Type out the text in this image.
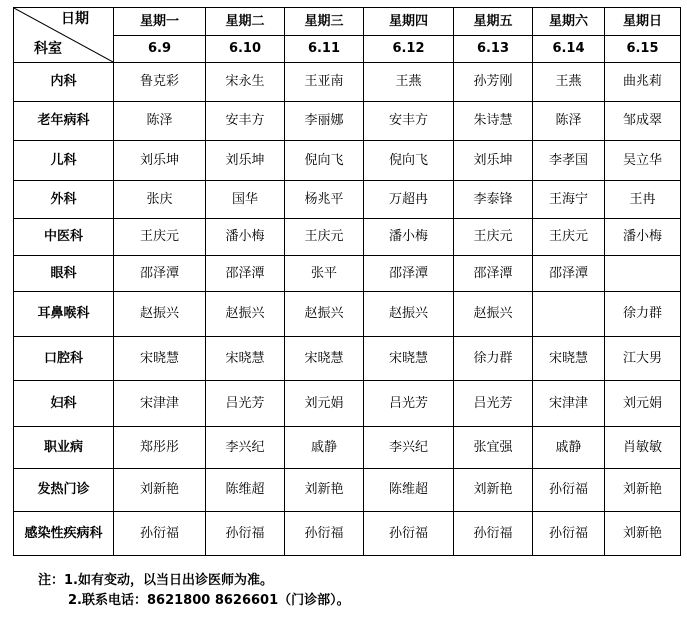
日期
科室	星期一	星期二	星期三	星期四	星期五	星期六	星期日
	6.9	6.10	6.11	6.12	6.13	6.14	6.15
内科	鲁克彩	宋永生	王亚南	王燕	孙芳刚	王燕	曲兆莉
老年病科	陈泽	安丰方	李丽娜	安丰方	朱诗慧	陈泽	邹成翠
儿科	刘乐坤	刘乐坤	倪向飞	倪向飞	刘乐坤	李孝国	吴立华
外科	张庆	国华	杨兆平	万超冉	李泰锋	王海宁	王冉
中医科	王庆元	潘小梅	王庆元	潘小梅	王庆元	王庆元	潘小梅
眼科	邵泽潭	邵泽潭	张平	邵泽潭	邵泽潭	邵泽潭	
耳鼻喉科	赵振兴	赵振兴	赵振兴	赵振兴	赵振兴		徐力群
口腔科	宋晓慧	宋晓慧	宋晓慧	宋晓慧	徐力群	宋晓慧	江大男
妇科	宋津津	吕光芳	刘元娟	吕光芳	吕光芳	宋津津	刘元娟
职业病	郑彤彤	李兴纪	戚静	李兴纪	张宜强	戚静	肖敏敏
发热门诊	刘新艳	陈维超	刘新艳	陈维超	刘新艳	孙衍福	刘新艳
感染性疾病科	孙衍福	孙衍福	孙衍福	孙衍福	孙衍福	孙衍福	刘新艳
注：1.如有变动，以当日出诊医师为准。
2.联系电话：8621800 8626601（门诊部）。
